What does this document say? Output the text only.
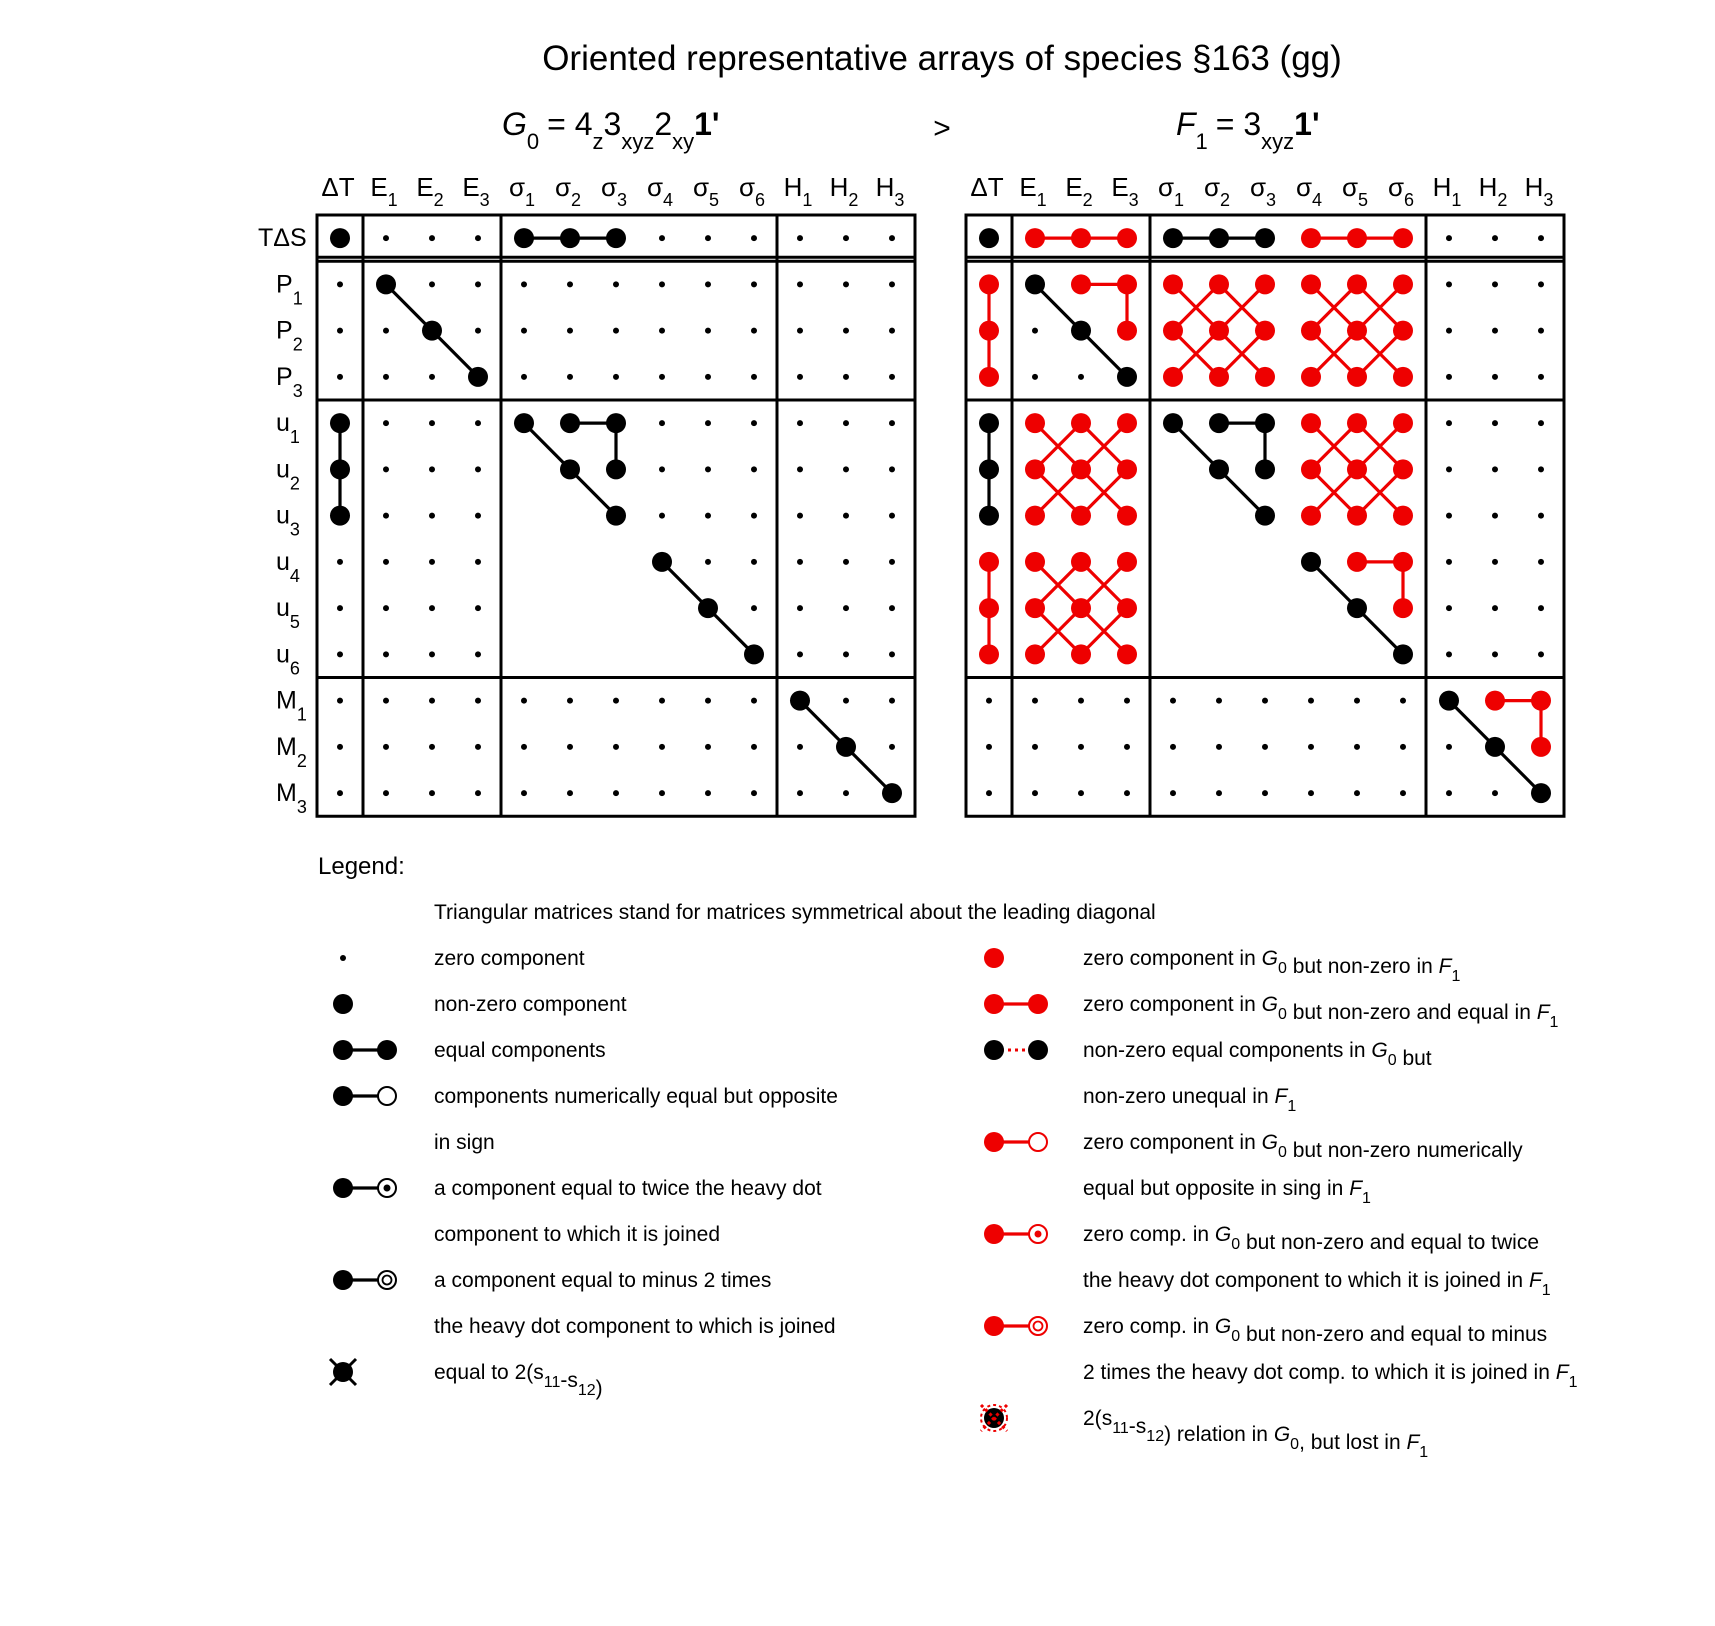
Oriented representative arrays of species §163 (gg)
>
$G_0 = 4_z3_{xyz}2_{xy}1'$	$F_1 = 3_{xyz}1'$
ΔT $E_1$ $E_2$ $E_3$ $\sigma_1$ $\sigma_2$ $\sigma_3$ $\sigma_4$ $\sigma_5$ $\sigma_6$ $H_1$ $H_2$ $H_3$	ΔT $E_1$ $E_2$ $E_3$ $\sigma_1$ $\sigma_2$ $\sigma_3$ $\sigma_4$ $\sigma_5$ $\sigma_6$ $H_1$ $H_2$ $H_3$
TΔS
$P_1$
$P_2$
$P_3$
$u_1$
$u_2$
$u_3$
$u_4$
$u_5$
$u_6$
$M_1$
$M_2$
$M_3$
Legend:
Triangular matrices stand for matrices symmetrical about the leading diagonal
zero component
non-zero component
equal components
components numerically equal but opposite
in sign
a component equal to twice the heavy dot
component to which it is joined
a component equal to minus 2 times
the heavy dot component to which is joined
equal to $2(s_{11}-s_{12})$
zero component in $G_0$ but non-zero in $F_1$
zero component in $G_0$ but non-zero and equal in $F_1$
non-zero equal components in $G_0$ but
non-zero unequal in $F_1$
zero component in $G_0$ but non-zero numerically
equal but opposite in sing in $F_1$
zero comp. in $G_0$ but non-zero and equal to twice
the heavy dot component to which it is joined in $F_1$
zero comp. in $G_0$ but non-zero and equal to minus
2 times the heavy dot comp. to which it is joined in $F_1$
$2(s_{11}-s_{12})$ relation in $G_0$, but lost in $F_1$
